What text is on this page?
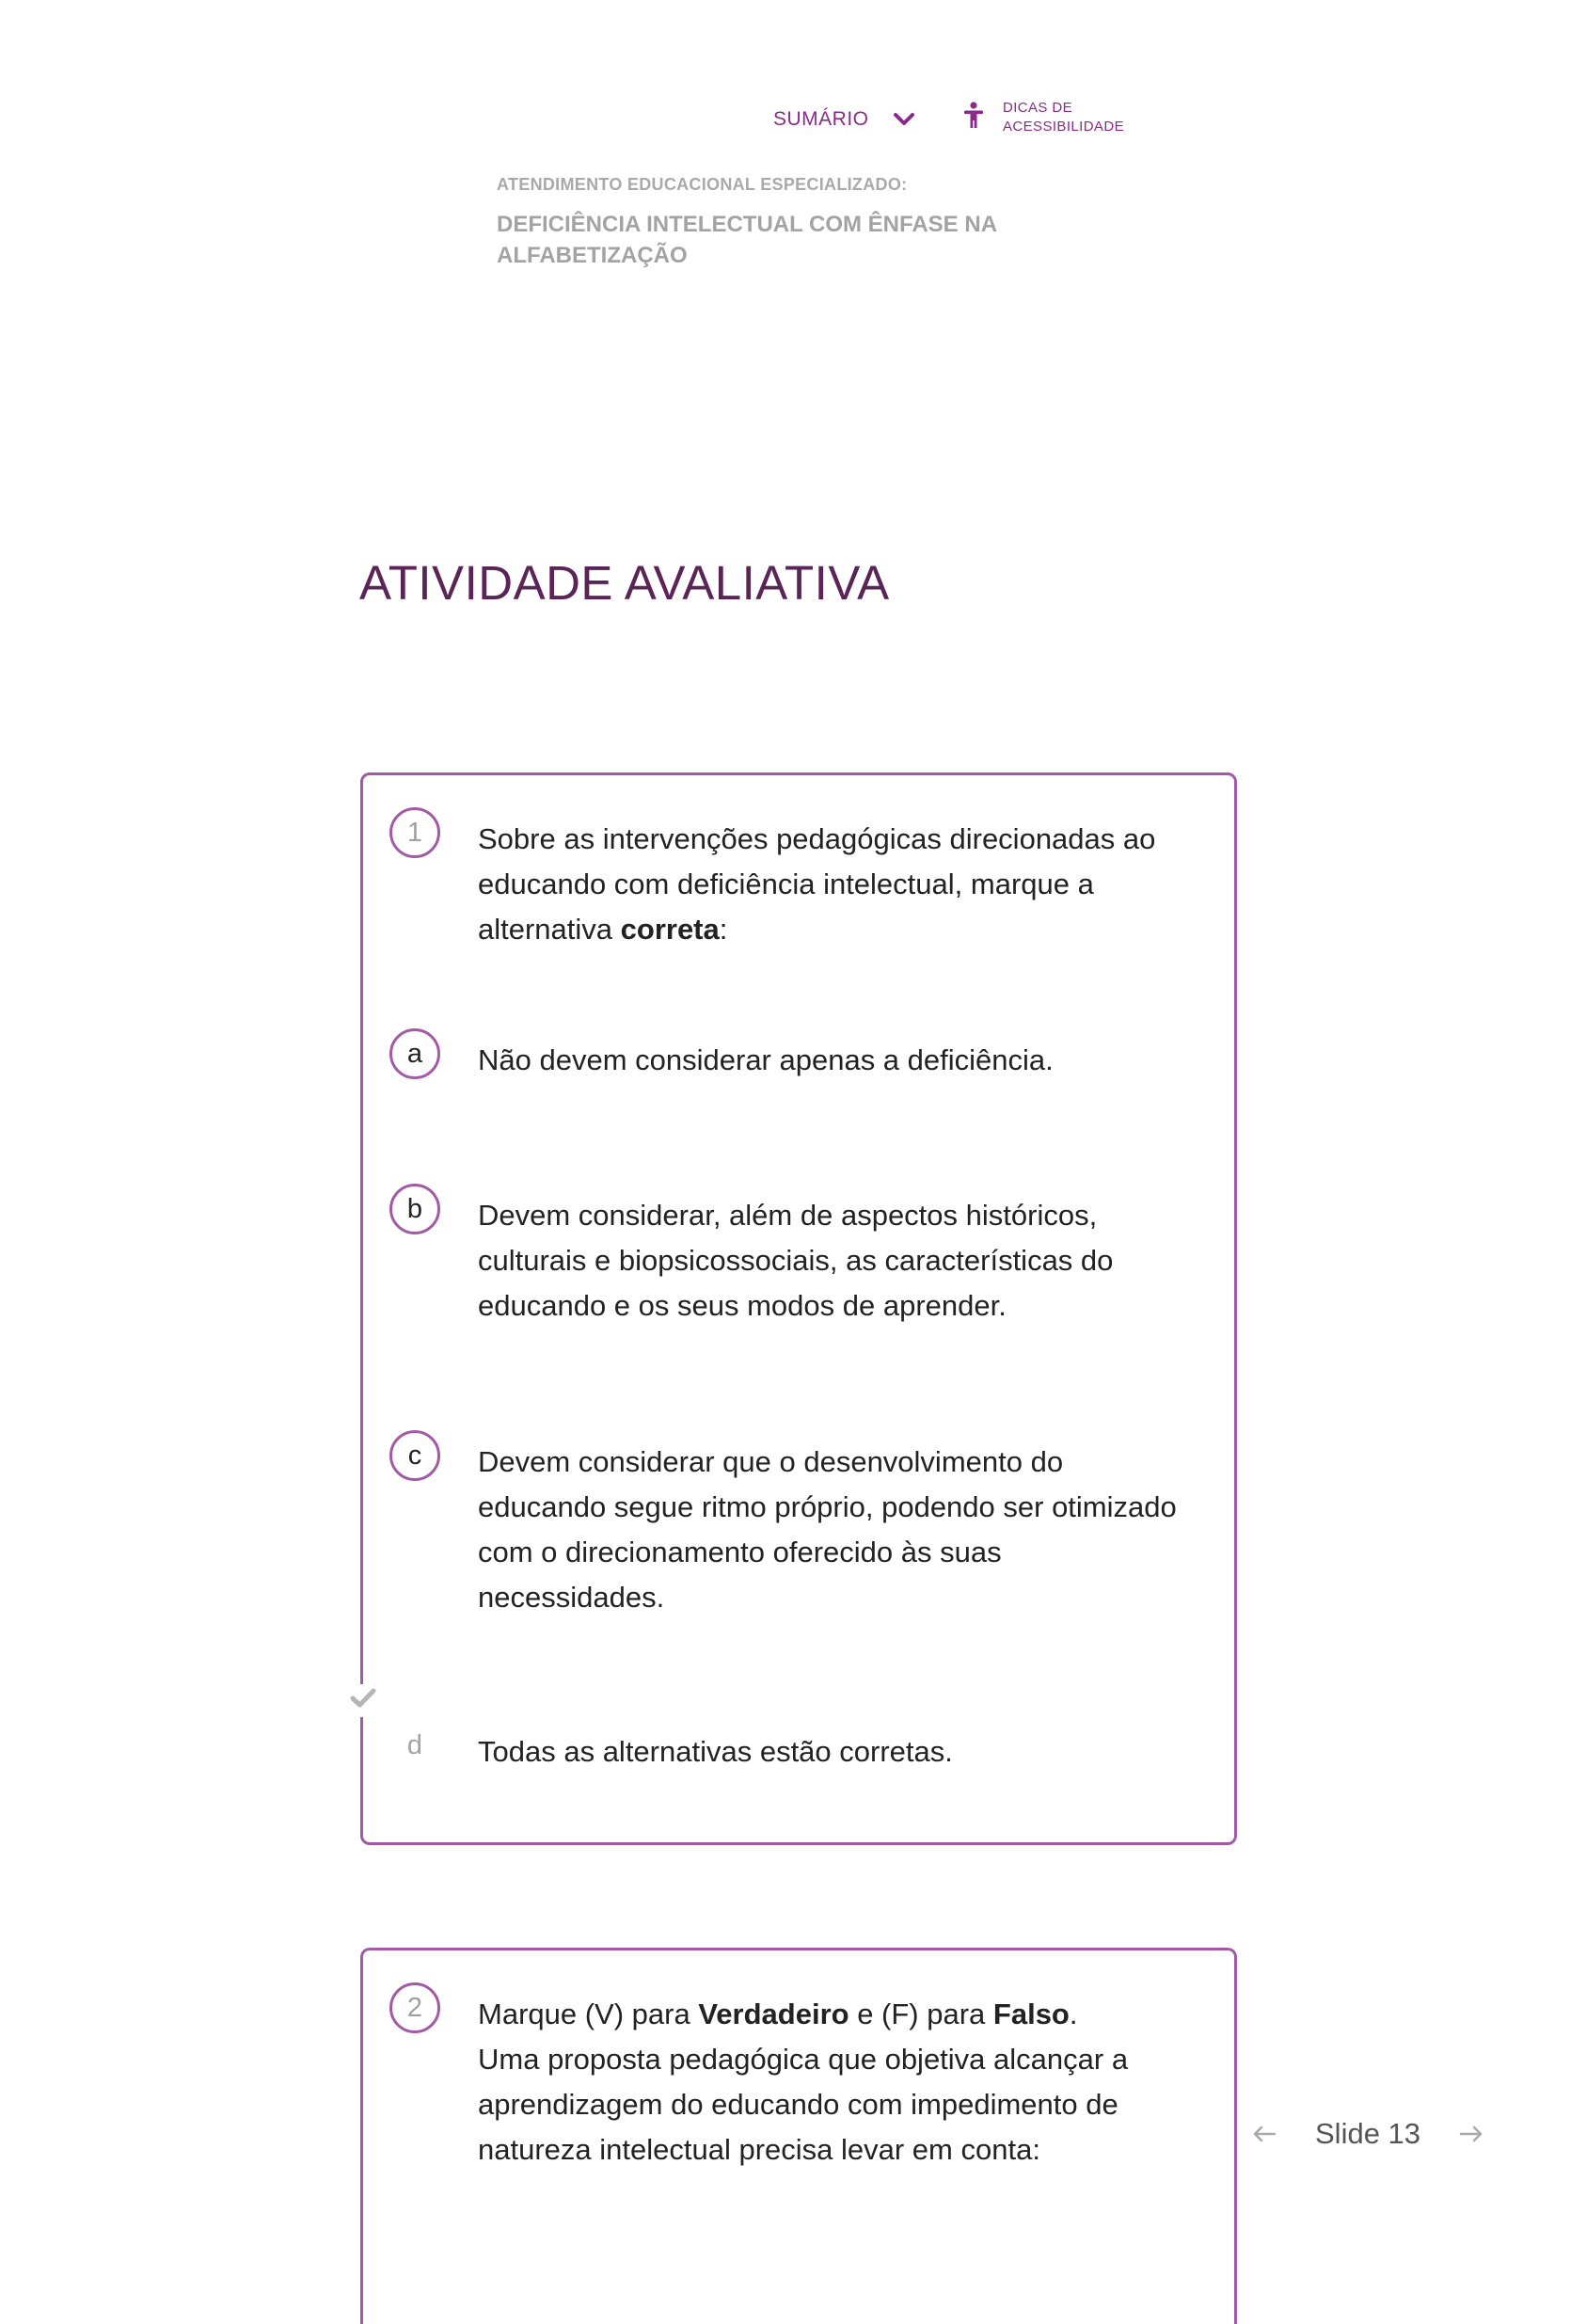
SUMÁRIO
DICAS DE
ACESSIBILIDADE
ATENDIMENTO EDUCACIONAL ESPECIALIZADO:
DEFICIÊNCIA INTELECTUAL COM ÊNFASE NA
ALFABETIZAÇÃO
ATIVIDADE AVALIATIVA
1	Sobre as intervenções pedagógicas direcionadas ao educando com deficiência intelectual, marque a alternativa correta:
a	Não devem considerar apenas a deficiência.
b	Devem considerar, além de aspectos históricos, culturais e biopsicossociais, as características do educando e os seus modos de aprender.
c	Devem considerar que o desenvolvimento do educando segue ritmo próprio, podendo ser otimizado com o direcionamento oferecido às suas necessidades.
d	Todas as alternativas estão corretas.
2	Marque (V) para Verdadeiro e (F) para Falso.
Uma proposta pedagógica que objetiva alcançar a aprendizagem do educando com impedimento de natureza intelectual precisa levar em conta:	Slide 13
